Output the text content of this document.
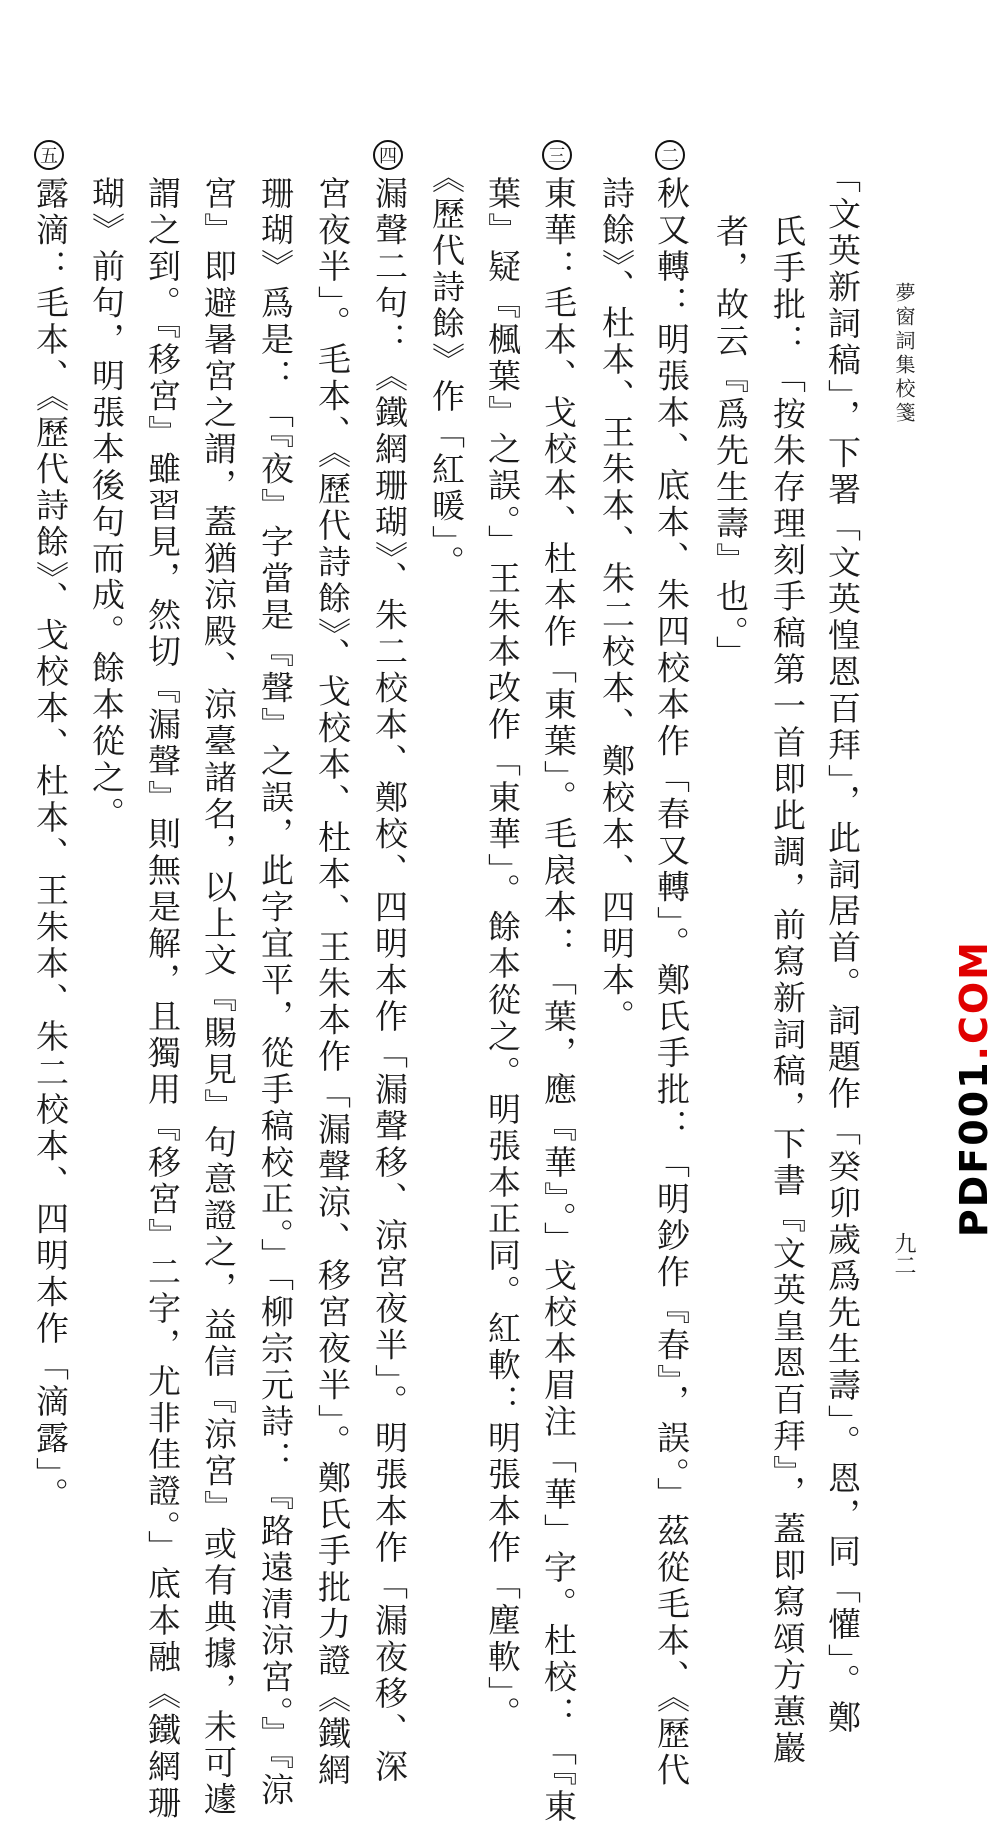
夢窗詞集校箋
九二
「文英新詞稿」，下署「文英惶恩百拜」，此詞居首。詞題作「癸卯歲爲先生壽」。恩，同「懽」。鄭
氏手批：「按朱存理刻手稿第一首即此調，前寫新詞稿，下書『文英皇恩百拜』，蓋即寫頌方蕙巖
者，故云『爲先生壽』也。」
二
秋又轉：明張本、底本、朱四校本作「春又轉」。鄭氏手批：「明鈔作『春』，誤。」茲從毛本、《歷代
詩餘》、杜本、王朱本、朱二校本、鄭校本、四明本。
三
東華：毛本、戈校本、杜本作「東葉」。毛扆本：「葉，應『華』。」戈校本眉注「華」字。杜校：「『東
葉』疑『楓葉』之誤。」王朱本改作「東華」。餘本從之。明張本正同。紅軟：明張本作「塵軟」。
《歷代詩餘》作「紅暖」。
四
漏聲二句：《鐵網珊瑚》、朱二校本、鄭校、四明本作「漏聲移、涼宮夜半」。明張本作「漏夜移、深
宮夜半」。毛本、《歷代詩餘》、戈校本、杜本、王朱本作「漏聲涼、移宮夜半」。鄭氏手批力證《鐵網
珊瑚》爲是：「『夜』字當是『聲』之誤，此字宜平，從手稿校正。」「柳宗元詩：『路遠清涼宮。』『涼
宮』即避暑宮之謂，蓋猶涼殿、涼臺諸名，以上文『賜見』句意證之，益信『涼宮』或有典據，未可遽
謂之到。『移宮』雖習見，然切『漏聲』則無是解，且獨用『移宮』二字，尤非佳證。」底本融《鐵網珊
瑚》前句，明張本後句而成。餘本從之。
五
露滴：毛本、《歷代詩餘》、戈校本、杜本、王朱本、朱二校本、四明本作「滴露」。	PDF001.COM
